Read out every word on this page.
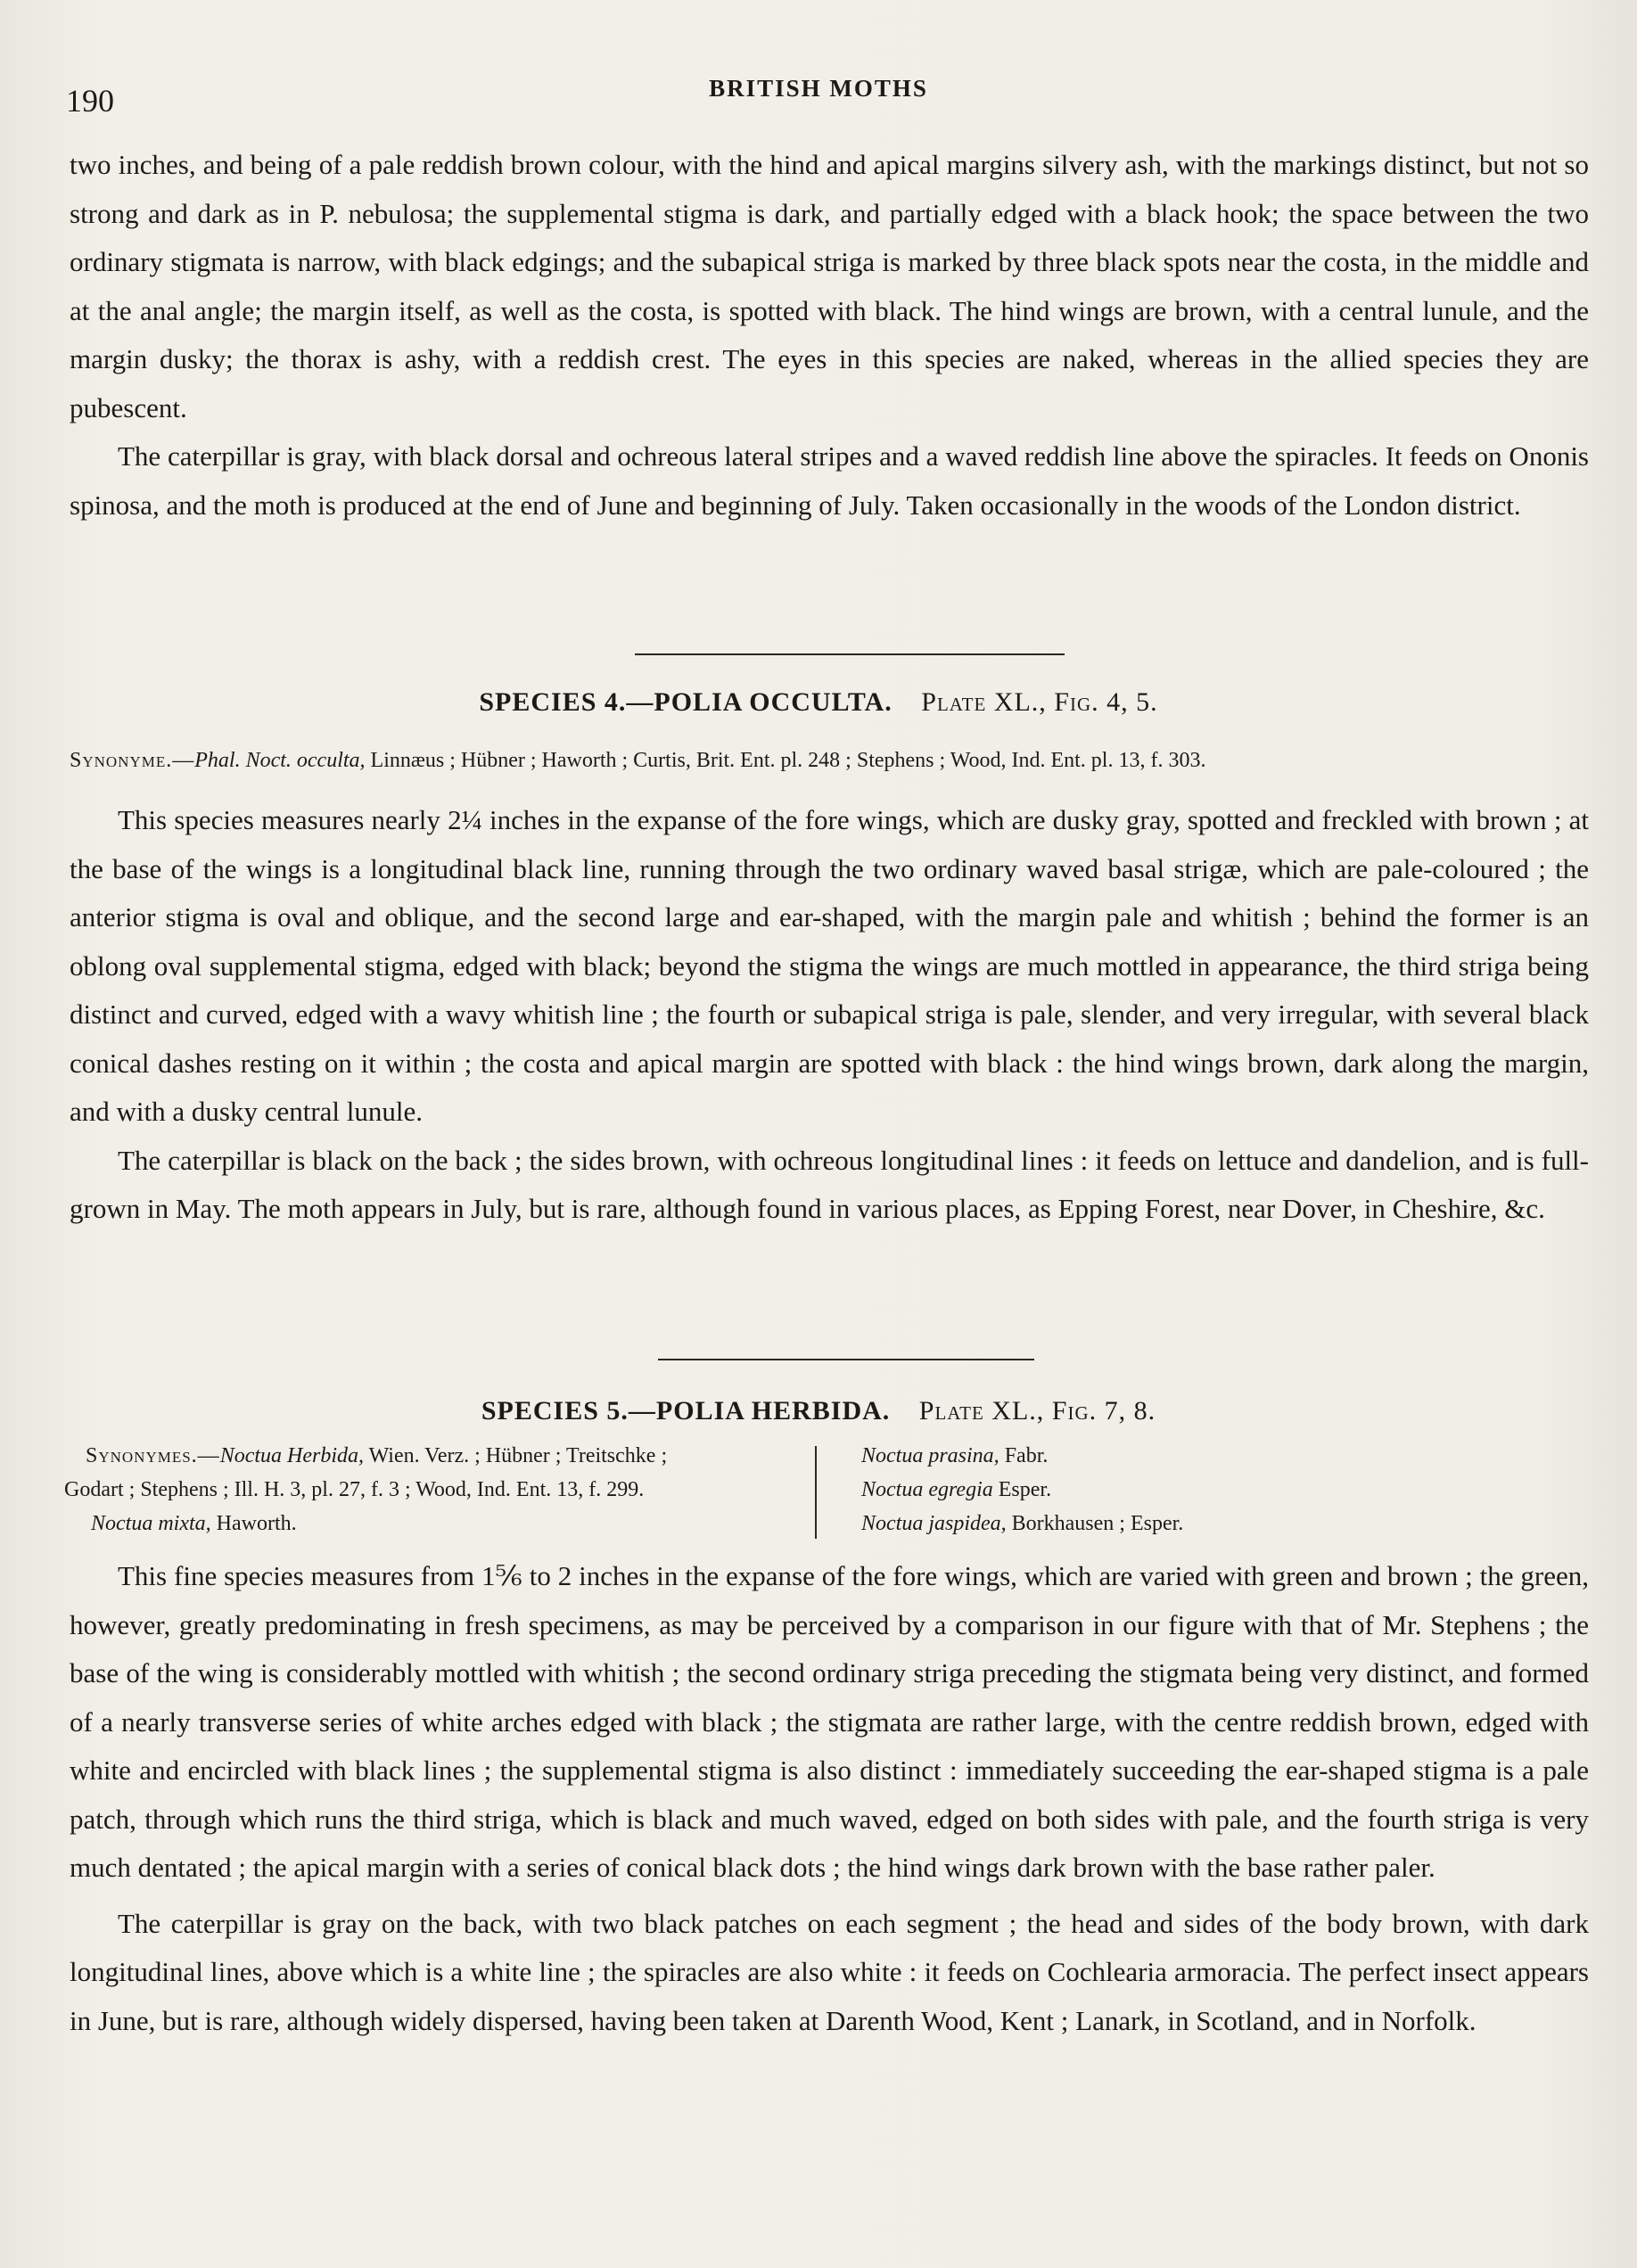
190	BRITISH MOTHS

two inches, and being of a pale reddish brown colour, with the hind and apical margins silvery ash, with the markings distinct, but not so strong and dark as in P. nebulosa; the supplemental stigma is dark, and partially edged with a black hook; the space between the two ordinary stigmata is narrow, with black edgings; and the subapical striga is marked by three black spots near the costa, in the middle and at the anal angle; the margin itself, as well as the costa, is spotted with black. The hind wings are brown, with a central lunule, and the margin dusky; the thorax is ashy, with a reddish crest. The eyes in this species are naked, whereas in the allied species they are pubescent.

The caterpillar is gray, with black dorsal and ochreous lateral stripes and a waved reddish line above the spiracles. It feeds on Ononis spinosa, and the moth is produced at the end of June and beginning of July. Taken occasionally in the woods of the London district.

SPECIES 4.—POLIA OCCULTA. Plate XL., Fig. 4, 5.
Synonyme.—Phal. Noct. occulta, Linnæus ; Hübner ; Haworth ; Curtis, Brit. Ent. pl. 248 ; Stephens ; Wood, Ind. Ent. pl. 13, f. 303.

This species measures nearly 2¼ inches in the expanse of the fore wings, which are dusky gray, spotted and freckled with brown ; at the base of the wings is a longitudinal black line, running through the two ordinary waved basal strigæ, which are pale-coloured ; the anterior stigma is oval and oblique, and the second large and ear-shaped, with the margin pale and whitish ; behind the former is an oblong oval supplemental stigma, edged with black; beyond the stigma the wings are much mottled in appearance, the third striga being distinct and curved, edged with a wavy whitish line ; the fourth or subapical striga is pale, slender, and very irregular, with several black conical dashes resting on it within ; the costa and apical margin are spotted with black : the hind wings brown, dark along the margin, and with a dusky central lunule.

The caterpillar is black on the back ; the sides brown, with ochreous longitudinal lines : it feeds on lettuce and dandelion, and is full-grown in May. The moth appears in July, but is rare, although found in various places, as Epping Forest, near Dover, in Cheshire, &c.

SPECIES 5.—POLIA HERBIDA. Plate XL., Fig. 7, 8.
Synonymes.—Noctua Herbida, Wien. Verz. ; Hübner ; Treitschke ;
Godart ; Stephens ; Ill. H. 3, pl. 27, f. 3 ; Wood, Ind. Ent. 13, f. 299.
Noctua mixta, Haworth.
Noctua prasina, Fabr.
Noctua egregia Esper.
Noctua jaspidea, Borkhausen ; Esper.

This fine species measures from 1⅚ to 2 inches in the expanse of the fore wings, which are varied with green and brown ; the green, however, greatly predominating in fresh specimens, as may be perceived by a comparison in our figure with that of Mr. Stephens ; the base of the wing is considerably mottled with whitish ; the second ordinary striga preceding the stigmata being very distinct, and formed of a nearly transverse series of white arches edged with black ; the stigmata are rather large, with the centre reddish brown, edged with white and encircled with black lines ; the supplemental stigma is also distinct : immediately succeeding the ear-shaped stigma is a pale patch, through which runs the third striga, which is black and much waved, edged on both sides with pale, and the fourth striga is very much dentated ; the apical margin with a series of conical black dots ; the hind wings dark brown with the base rather paler.

The caterpillar is gray on the back, with two black patches on each segment ; the head and sides of the body brown, with dark longitudinal lines, above which is a white line ; the spiracles are also white : it feeds on Cochlearia armoracia. The perfect insect appears in June, but is rare, although widely dispersed, having been taken at Darenth Wood, Kent ; Lanark, in Scotland, and in Norfolk.
